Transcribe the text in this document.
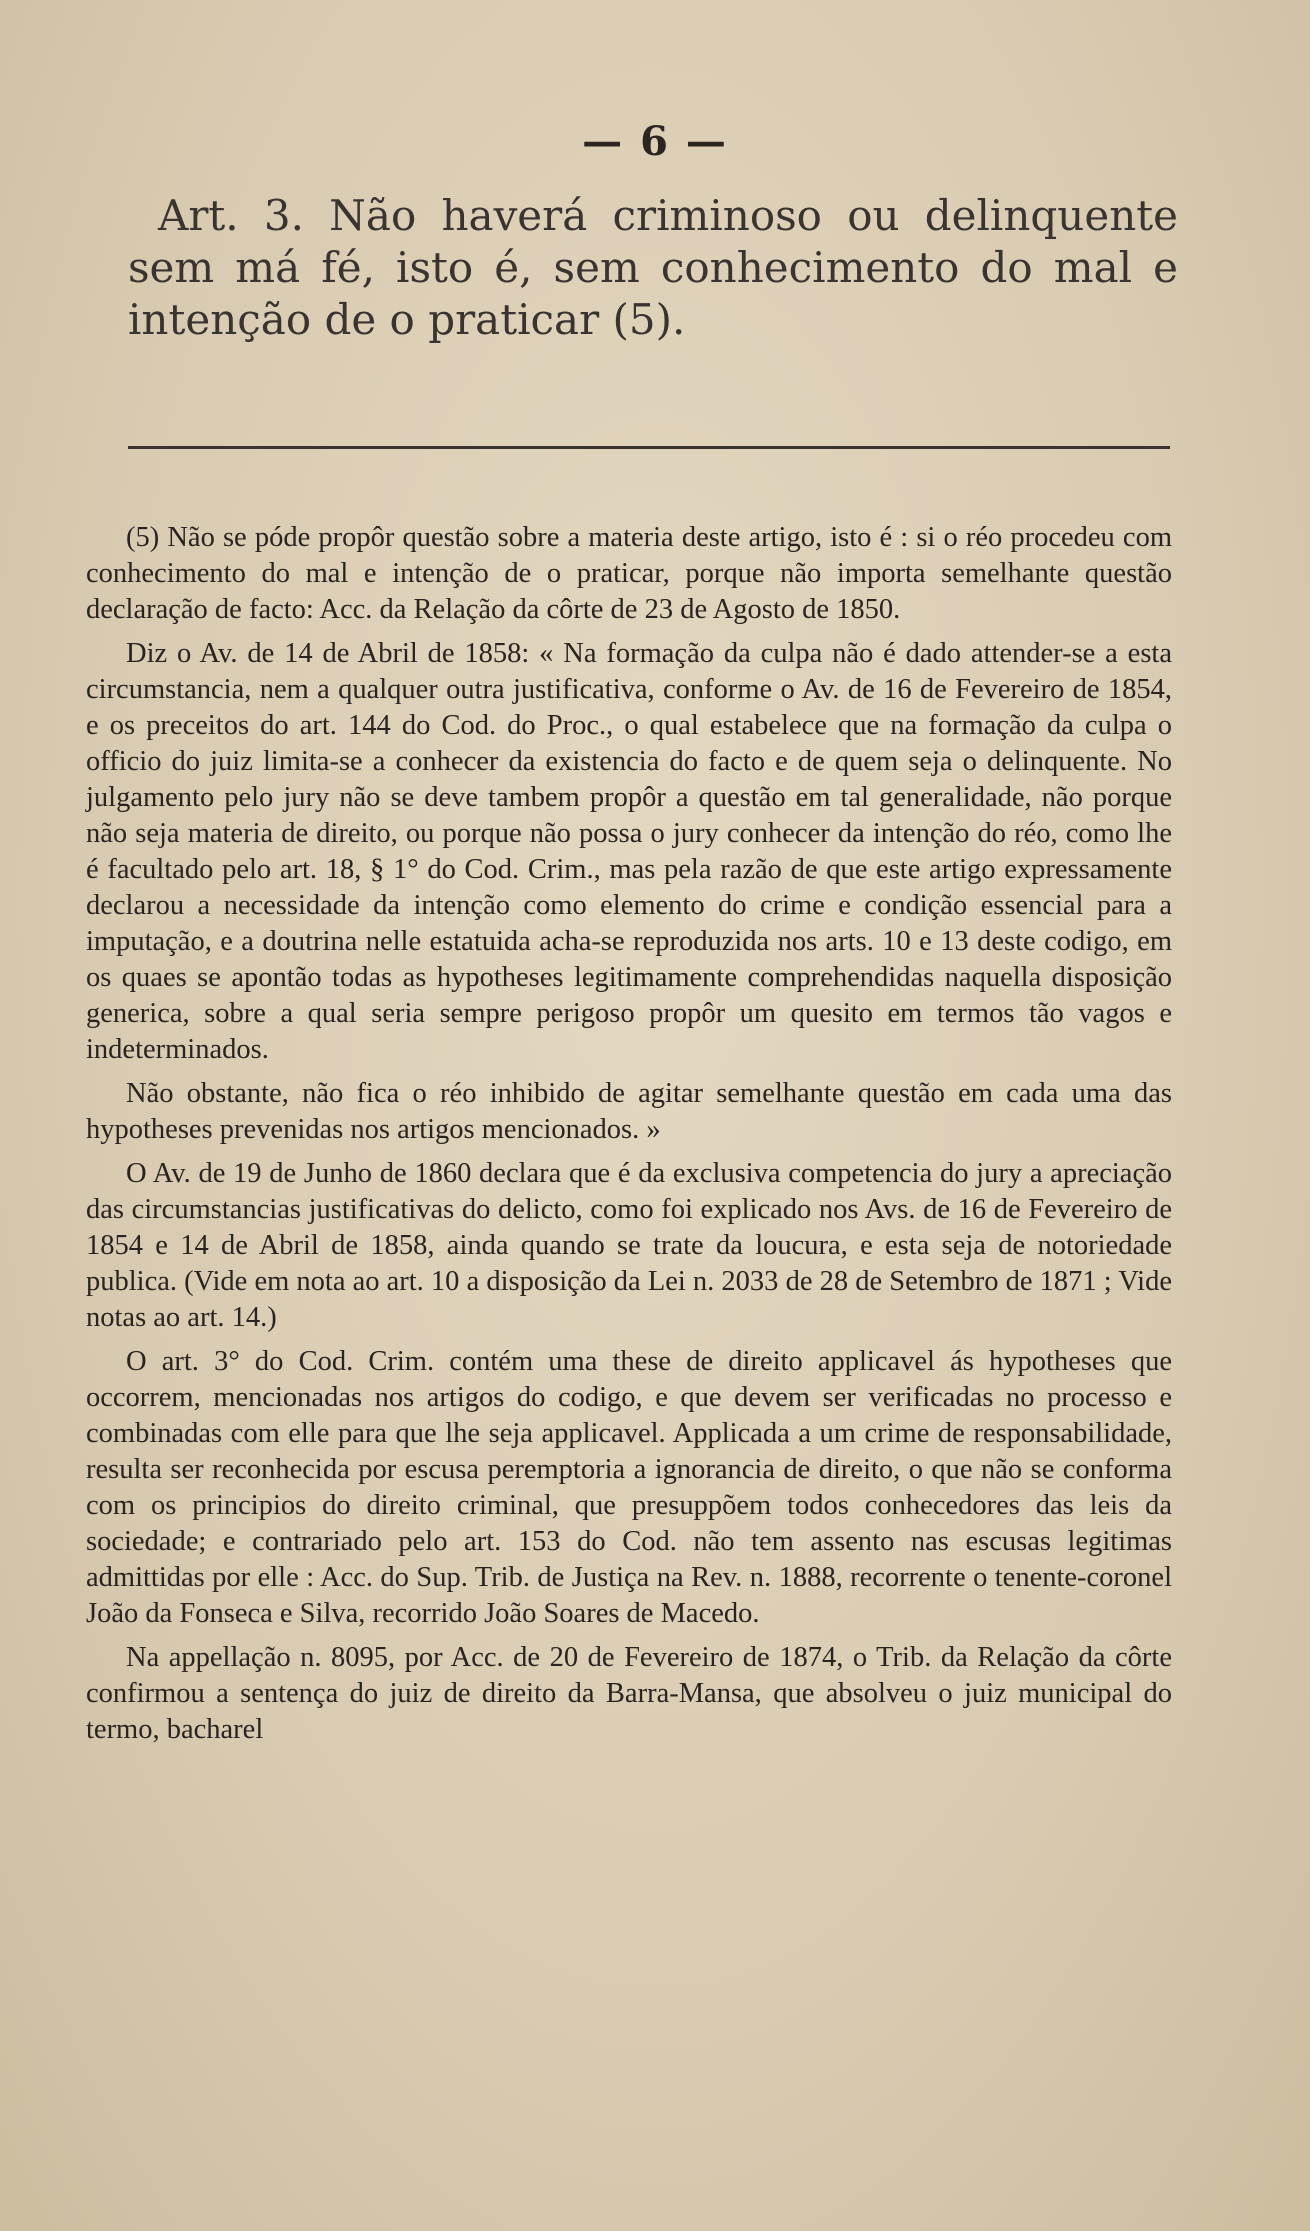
— 6 —

Art. 3. Não haverá criminoso ou delinquente sem má fé, isto é, sem conhecimento do mal e intenção de o praticar (5).

(5) Não se póde propôr questão sobre a materia deste artigo, isto é : si o réo procedeu com conhecimento do mal e intenção de o praticar, porque não importa semelhante questão declaração de facto: Acc. da Relação da côrte de 23 de Agosto de 1850.

Diz o Av. de 14 de Abril de 1858: « Na formação da culpa não é dado attender-se a esta circumstancia, nem a qualquer outra justificativa, conforme o Av. de 16 de Fevereiro de 1854, e os preceitos do art. 144 do Cod. do Proc., o qual estabelece que na formação da culpa o officio do juiz limita-se a conhecer da existencia do facto e de quem seja o delinquente. No julgamento pelo jury não se deve tambem propôr a questão em tal generalidade, não porque não seja materia de direito, ou porque não possa o jury conhecer da intenção do réo, como lhe é facultado pelo art. 18, § 1° do Cod. Crim., mas pela razão de que este artigo expressamente declarou a necessidade da intenção como elemento do crime e condição essencial para a imputação, e a doutrina nelle estatuida acha-se reproduzida nos arts. 10 e 13 deste codigo, em os quaes se apontão todas as hypotheses legitimamente comprehendidas naquella disposição generica, sobre a qual seria sempre perigoso propôr um quesito em termos tão vagos e indeterminados.

Não obstante, não fica o réo inhibido de agitar semelhante questão em cada uma das hypotheses prevenidas nos artigos mencionados. »

O Av. de 19 de Junho de 1860 declara que é da exclusiva competencia do jury a apreciação das circumstancias justificativas do delicto, como foi explicado nos Avs. de 16 de Fevereiro de 1854 e 14 de Abril de 1858, ainda quando se trate da loucura, e esta seja de notoriedade publica. (Vide em nota ao art. 10 a disposição da Lei n. 2033 de 28 de Setembro de 1871 ; Vide notas ao art. 14.)

O art. 3° do Cod. Crim. contém uma these de direito applicavel ás hypotheses que occorrem, mencionadas nos artigos do codigo, e que devem ser verificadas no processo e combinadas com elle para que lhe seja applicavel. Applicada a um crime de responsabilidade, resulta ser reconhecida por escusa peremptoria a ignorancia de direito, o que não se conforma com os principios do direito criminal, que presuppõem todos conhecedores das leis da sociedade; e contrariado pelo art. 153 do Cod. não tem assento nas escusas legitimas admittidas por elle : Acc. do Sup. Trib. de Justiça na Rev. n. 1888, recorrente o tenente-coronel João da Fonseca e Silva, recorrido João Soares de Macedo.

Na appellação n. 8095, por Acc. de 20 de Fevereiro de 1874, o Trib. da Relação da côrte confirmou a sentença do juiz de direito da Barra-Mansa, que absolveu o juiz municipal do termo, bacharel
